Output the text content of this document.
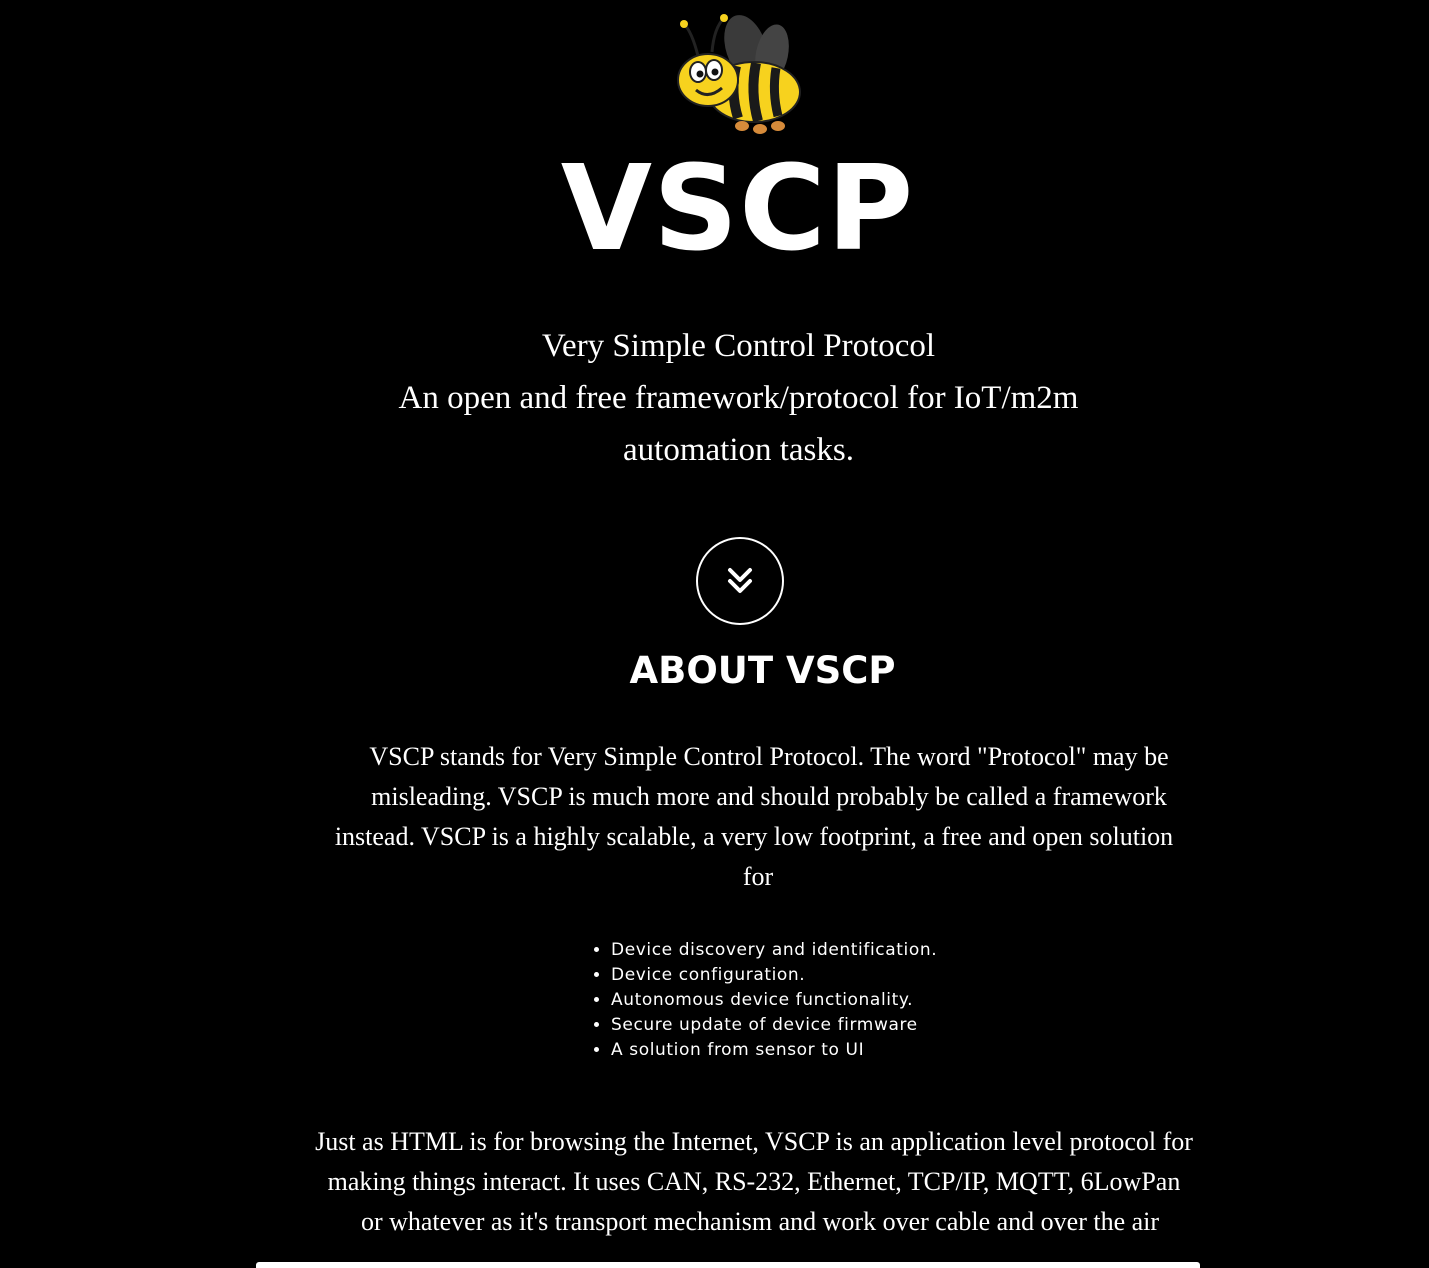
VSCP
Very Simple Control Protocol
An open and free framework/protocol for IoT/m2m
automation tasks.
ABOUT VSCP
VSCP stands for Very Simple Control Protocol. The word "Protocol" may be
misleading. VSCP is much more and should probably be called a framework
instead. VSCP is a highly scalable, a very low footprint, a free and open solution
for
• Device discovery and identification.
• Device configuration.
• Autonomous device functionality.
• Secure update of device firmware
• A solution from sensor to UI
Just as HTML is for browsing the Internet, VSCP is an application level protocol for
making things interact. It uses CAN, RS-232, Ethernet, TCP/IP, MQTT, 6LowPan
or whatever as it's transport mechanism and work over cable and over the air
